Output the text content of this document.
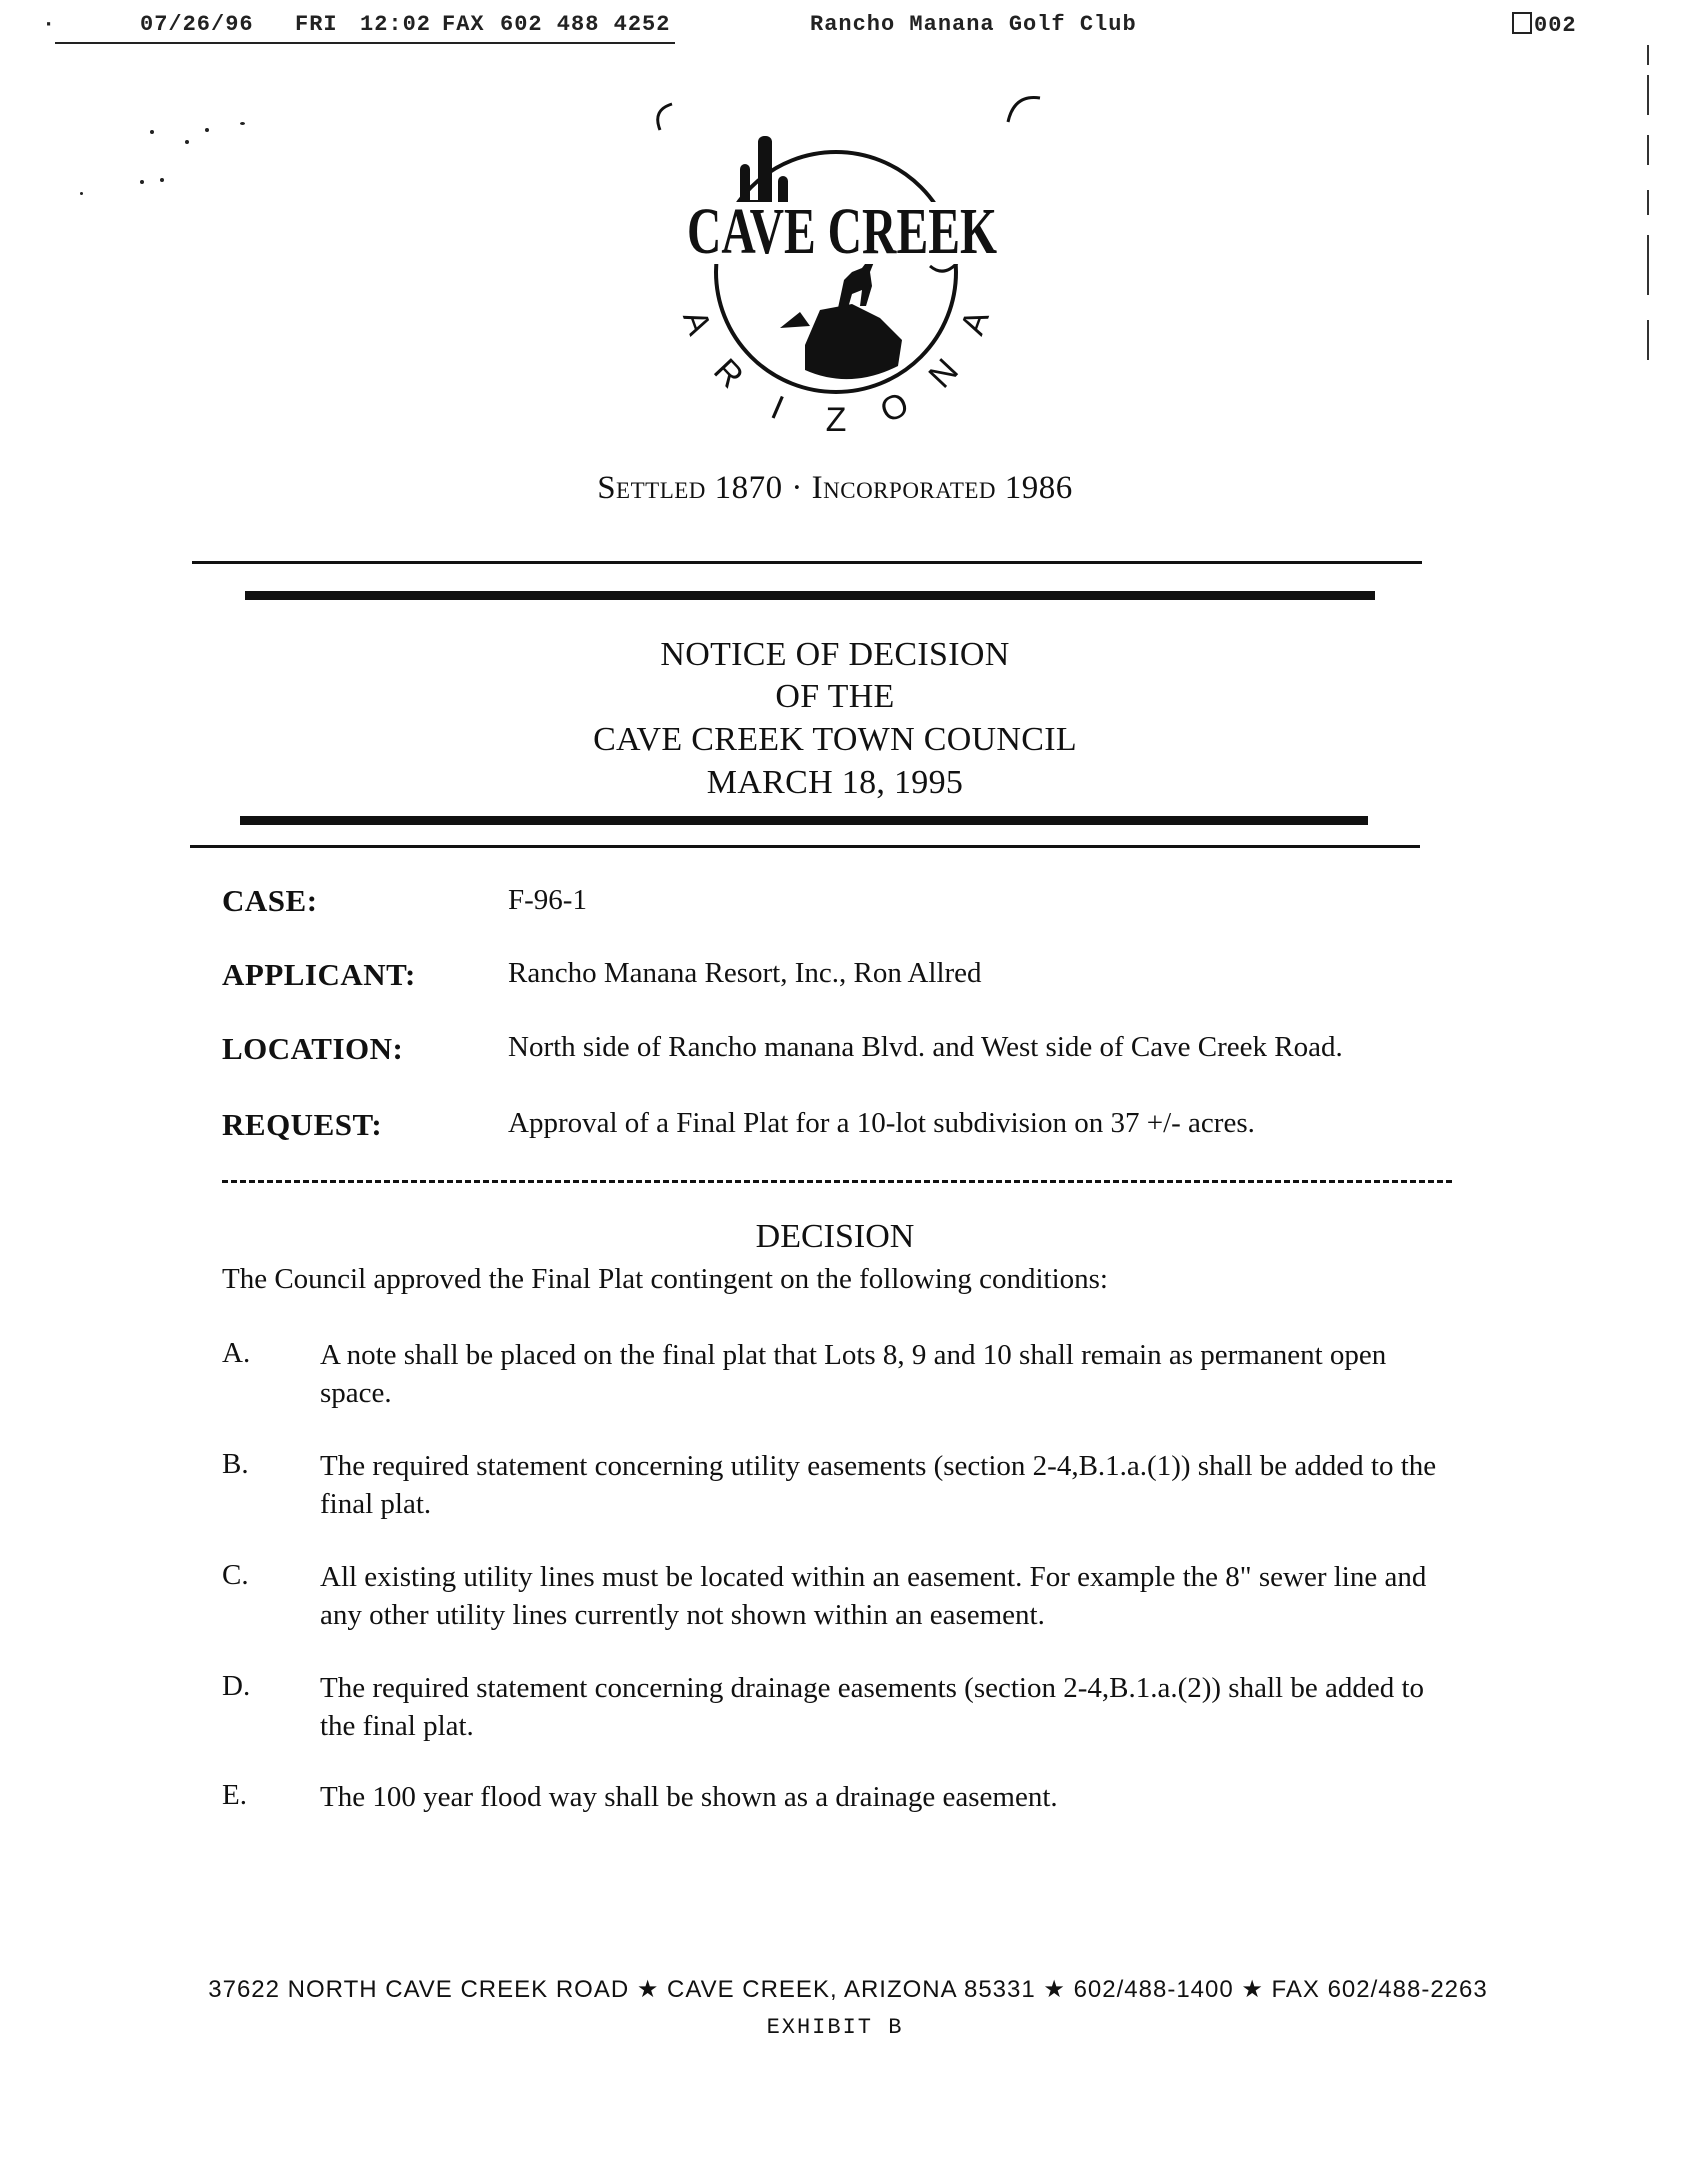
·	07/26/96 FRI 12:02 FAX 602 488 4252	Rancho Manana Golf Club	002
CAVE CREEK
A
R
I Z O
N
A
Settled 1870 · Incorporated 1986
NOTICE OF DECISION
OF THE
CAVE CREEK TOWN COUNCIL
MARCH 18, 1995
CASE:	F-96-1
APPLICANT:	Rancho Manana Resort, Inc., Ron Allred
LOCATION:	North side of Rancho manana Blvd. and West side of Cave Creek Road.
REQUEST:	Approval of a Final Plat for a 10-lot subdivision on 37 +/- acres.
DECISION
The Council approved the Final Plat contingent on the following conditions:
A. A note shall be placed on the final plat that Lots 8, 9 and 10 shall remain as permanent open space.
B. The required statement concerning utility easements (section 2-4,B.1.a.(1)) shall be added to the final plat.
C. All existing utility lines must be located within an easement. For example the 8" sewer line and any other utility lines currently not shown within an easement.
D. The required statement concerning drainage easements (section 2-4,B.1.a.(2)) shall be added to the final plat.
E.	The 100 year flood way shall be shown as a drainage easement.
37622 NORTH CAVE CREEK ROAD ★ CAVE CREEK, ARIZONA 85331 ★ 602/488-1400 ★ FAX 602/488-2263
EXHIBIT B
